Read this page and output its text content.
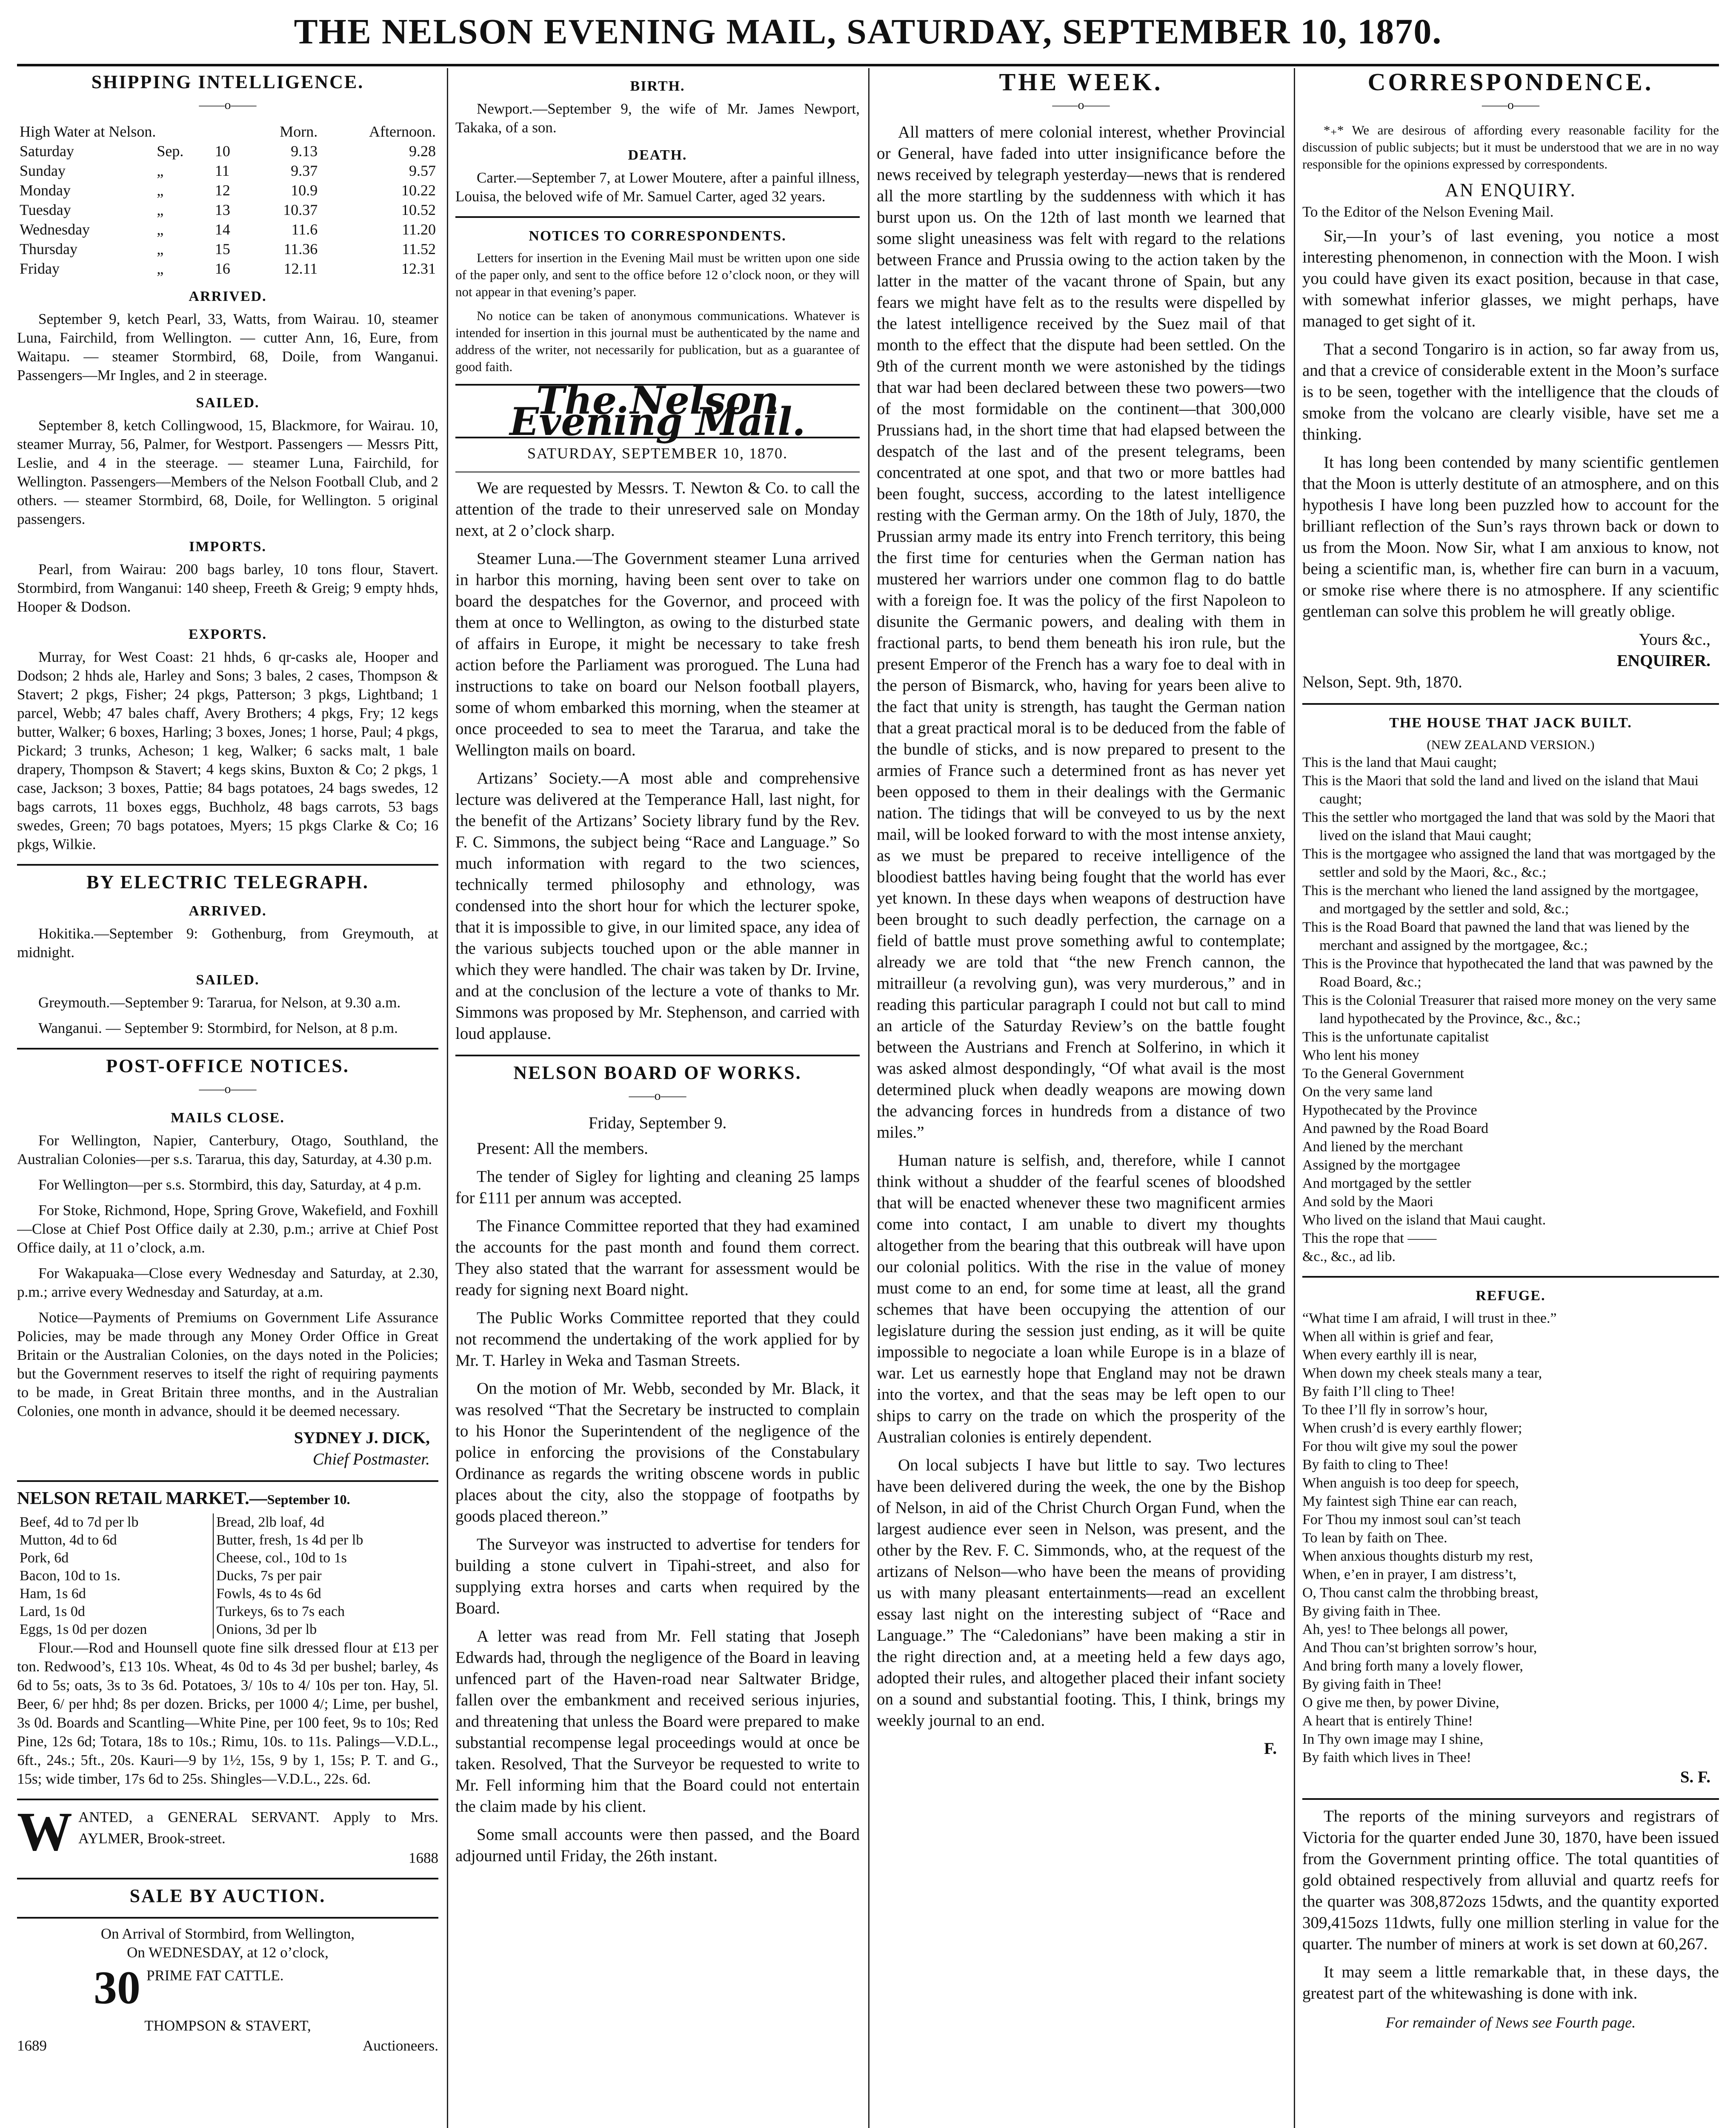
THE NELSON EVENING MAIL, SATURDAY, SEPTEMBER 10, 1870.
SHIPPING INTELLIGENCE.
——o——
High Water at Nelson.			Morn.	Afternoon.
Saturday	Sep.	10	9.13	9.28
Sunday	„	11	9.37	9.57
Monday	„	12	10.9	10.22
Tuesday	„	13	10.37	10.52
Wednesday	„	14	11.6	11.20
Thursday	„	15	11.36	11.52
Friday	„	16	12.11	12.31
ARRIVED.

September 9, ketch Pearl, 33, Watts, from Wairau. 10, steamer Luna, Fairchild, from Wellington. — cutter Ann, 16, Eure, from Waitapu. — steamer Stormbird, 68, Doile, from Wanganui. Passengers—Mr Ingles, and 2 in steerage.

SAILED.

September 8, ketch Collingwood, 15, Blackmore, for Wairau. 10, steamer Murray, 56, Palmer, for Westport. Passengers — Messrs Pitt, Leslie, and 4 in the steerage. — steamer Luna, Fairchild, for Wellington. Passengers—Members of the Nelson Football Club, and 2 others. — steamer Stormbird, 68, Doile, for Wellington. 5 original passengers.

IMPORTS.

Pearl, from Wairau: 200 bags barley, 10 tons flour, Stavert. Stormbird, from Wanganui: 140 sheep, Freeth & Greig; 9 empty hhds, Hooper & Dodson.

EXPORTS.

Murray, for West Coast: 21 hhds, 6 qr-casks ale, Hooper and Dodson; 2 hhds ale, Harley and Sons; 3 bales, 2 cases, Thompson & Stavert; 2 pkgs, Fisher; 24 pkgs, Patterson; 3 pkgs, Lightband; 1 parcel, Webb; 47 bales chaff, Avery Brothers; 4 pkgs, Fry; 12 kegs butter, Walker; 6 boxes, Harling; 3 boxes, Jones; 1 horse, Paul; 4 pkgs, Pickard; 3 trunks, Acheson; 1 keg, Walker; 6 sacks malt, 1 bale drapery, Thompson & Stavert; 4 kegs skins, Buxton & Co; 2 pkgs, 1 case, Jackson; 3 boxes, Pattie; 84 bags potatoes, 24 bags swedes, 12 bags carrots, 11 boxes eggs, Buchholz, 48 bags carrots, 53 bags swedes, Green; 70 bags potatoes, Myers; 15 pkgs Clarke & Co; 16 pkgs, Wilkie.

BY ELECTRIC TELEGRAPH.
ARRIVED.

Hokitika.—September 9: Gothenburg, from Greymouth, at midnight.

SAILED.

Greymouth.—September 9: Tararua, for Nelson, at 9.30 a.m.

Wanganui. — September 9: Stormbird, for Nelson, at 8 p.m.

POST-OFFICE NOTICES.
——o——
MAILS CLOSE.

For Wellington, Napier, Canterbury, Otago, Southland, the Australian Colonies—per s.s. Tararua, this day, Saturday, at 4.30 p.m.

For Wellington—per s.s. Stormbird, this day, Saturday, at 4 p.m.

For Stoke, Richmond, Hope, Spring Grove, Wakefield, and Foxhill—Close at Chief Post Office daily at 2.30, p.m.; arrive at Chief Post Office daily, at 11 o’clock, a.m.

For Wakapuaka—Close every Wednesday and Saturday, at 2.30, p.m.; arrive every Wednesday and Saturday, at a.m.

Notice—Payments of Premiums on Government Life Assurance Policies, may be made through any Money Order Office in Great Britain or the Australian Colonies, on the days noted in the Policies; but the Government reserves to itself the right of requiring payments to be made, in Great Britain three months, and in the Australian Colonies, one month in advance, should it be deemed necessary.

SYDNEY J. DICK,
Chief Postmaster.
NELSON RETAIL MARKET.—September 10.
Beef, 4d to 7d per lb	Bread, 2lb loaf, 4d
Mutton, 4d to 6d	Butter, fresh, 1s 4d per lb
Pork, 6d	Cheese, col., 10d to 1s
Bacon, 10d to 1s.	Ducks, 7s per pair
Ham, 1s 6d	Fowls, 4s to 4s 6d
Lard, 1s 0d	Turkeys, 6s to 7s each
Eggs, 1s 0d per dozen	Onions, 3d per lb

Flour.—Rod and Hounsell quote fine silk dressed flour at £13 per ton. Redwood’s, £13 10s. Wheat, 4s 0d to 4s 3d per bushel; barley, 4s 6d to 5s; oats, 3s to 3s 6d. Potatoes, 3/ 10s to 4/ 10s per ton. Hay, 5l. Beer, 6/ per hhd; 8s per dozen. Bricks, per 1000 4/; Lime, per bushel, 3s 0d. Boards and Scantling—White Pine, per 100 feet, 9s to 10s; Red Pine, 12s 6d; Totara, 18s to 10s.; Rimu, 10s. to 11s. Palings—V.D.L., 6ft., 24s.; 5ft., 20s. Kauri—9 by 1½, 15s, 9 by 1, 15s; P. T. and G., 15s; wide timber, 17s 6d to 25s. Shingles—V.D.L., 22s. 6d.

W ANTED, a GENERAL SERVANT. Apply to Mrs. AYLMER, Brook-street.
1688
SALE BY AUCTION.
On Arrival of Stormbird, from Wellington,
On WEDNESDAY, at 12 o’clock,
30 PRIME FAT CATTLE.
THOMPSON & STAVERT,
1689	Auctioneers.
BIRTH.

Newport.—September 9, the wife of Mr. James Newport, Takaka, of a son.

DEATH.

Carter.—September 7, at Lower Moutere, after a painful illness, Louisa, the beloved wife of Mr. Samuel Carter, aged 32 years.

NOTICES TO CORRESPONDENTS.

Letters for insertion in the Evening Mail must be written upon one side of the paper only, and sent to the office before 12 o’clock noon, or they will not appear in that evening’s paper.

No notice can be taken of anonymous communications. Whatever is intended for insertion in this journal must be authenticated by the name and address of the writer, not necessarily for publication, but as a guarantee of good faith.

The Nelson Evening Mail.
SATURDAY, SEPTEMBER 10, 1870.

We are requested by Messrs. T. Newton & Co. to call the attention of the trade to their unreserved sale on Monday next, at 2 o’clock sharp.

Steamer Luna.—The Government steamer Luna arrived in harbor this morning, having been sent over to take on board the despatches for the Governor, and proceed with them at once to Wellington, as owing to the disturbed state of affairs in Europe, it might be necessary to take fresh action before the Parliament was prorogued. The Luna had instructions to take on board our Nelson football players, some of whom embarked this morning, when the steamer at once proceeded to sea to meet the Tararua, and take the Wellington mails on board.

Artizans’ Society.—A most able and comprehensive lecture was delivered at the Temperance Hall, last night, for the benefit of the Artizans’ Society library fund by the Rev. F. C. Simmons, the subject being “Race and Language.” So much information with regard to the two sciences, technically termed philosophy and ethnology, was condensed into the short hour for which the lecturer spoke, that it is impossible to give, in our limited space, any idea of the various subjects touched upon or the able manner in which they were handled. The chair was taken by Dr. Irvine, and at the conclusion of the lecture a vote of thanks to Mr. Simmons was proposed by Mr. Stephenson, and carried with loud applause.

NELSON BOARD OF WORKS.
——o——
Friday, September 9.

Present: All the members.

The tender of Sigley for lighting and cleaning 25 lamps for £111 per annum was accepted.

The Finance Committee reported that they had examined the accounts for the past month and found them correct. They also stated that the warrant for assessment would be ready for signing next Board night.

The Public Works Committee reported that they could not recommend the undertaking of the work applied for by Mr. T. Harley in Weka and Tasman Streets.

On the motion of Mr. Webb, seconded by Mr. Black, it was resolved “That the Secretary be instructed to complain to his Honor the Superintendent of the negligence of the police in enforcing the provisions of the Constabulary Ordinance as regards the writing obscene words in public places about the city, also the stoppage of footpaths by goods placed thereon.”

The Surveyor was instructed to advertise for tenders for building a stone culvert in Tipahi-street, and also for supplying extra horses and carts when required by the Board.

A letter was read from Mr. Fell stating that Joseph Edwards had, through the negligence of the Board in leaving unfenced part of the Haven-road near Saltwater Bridge, fallen over the embankment and received serious injuries, and threatening that unless the Board were prepared to make substantial recompense legal proceedings would at once be taken. Resolved, That the Surveyor be requested to write to Mr. Fell informing him that the Board could not entertain the claim made by his client.

Some small accounts were then passed, and the Board adjourned until Friday, the 26th instant.

THE WEEK.
——o——

All matters of mere colonial interest, whether Provincial or General, have faded into utter insignificance before the news received by telegraph yesterday—news that is rendered all the more startling by the suddenness with which it has burst upon us. On the 12th of last month we learned that some slight uneasiness was felt with regard to the relations between France and Prussia owing to the action taken by the latter in the matter of the vacant throne of Spain, but any fears we might have felt as to the results were dispelled by the latest intelligence received by the Suez mail of that month to the effect that the dispute had been settled. On the 9th of the current month we were astonished by the tidings that war had been declared between these two powers—two of the most formidable on the continent—that 300,000 Prussians had, in the short time that had elapsed between the despatch of the last and of the present telegrams, been concentrated at one spot, and that two or more battles had been fought, success, according to the latest intelligence resting with the German army. On the 18th of July, 1870, the Prussian army made its entry into French territory, this being the first time for centuries when the German nation has mustered her warriors under one common flag to do battle with a foreign foe. It was the policy of the first Napoleon to disunite the Germanic powers, and dealing with them in fractional parts, to bend them beneath his iron rule, but the present Emperor of the French has a wary foe to deal with in the person of Bismarck, who, having for years been alive to the fact that unity is strength, has taught the German nation that a great practical moral is to be deduced from the fable of the bundle of sticks, and is now prepared to present to the armies of France such a determined front as has never yet been opposed to them in their dealings with the Germanic nation. The tidings that will be conveyed to us by the next mail, will be looked forward to with the most intense anxiety, as we must be prepared to receive intelligence of the bloodiest battles having being fought that the world has ever yet known. In these days when weapons of destruction have been brought to such deadly perfection, the carnage on a field of battle must prove something awful to contemplate; already we are told that “the new French cannon, the mitrailleur (a revolving gun), was very murderous,” and in reading this particular paragraph I could not but call to mind an article of the Saturday Review’s on the battle fought between the Austrians and French at Solferino, in which it was asked almost despondingly, “Of what avail is the most determined pluck when deadly weapons are mowing down the advancing forces in hundreds from a distance of two miles.”

Human nature is selfish, and, therefore, while I cannot think without a shudder of the fearful scenes of bloodshed that will be enacted whenever these two magnificent armies come into contact, I am unable to divert my thoughts altogether from the bearing that this outbreak will have upon our colonial politics. With the rise in the value of money must come to an end, for some time at least, all the grand schemes that have been occupying the attention of our legislature during the session just ending, as it will be quite impossible to negociate a loan while Europe is in a blaze of war. Let us earnestly hope that England may not be drawn into the vortex, and that the seas may be left open to our ships to carry on the trade on which the prosperity of the Australian colonies is entirely dependent.

On local subjects I have but little to say. Two lectures have been delivered during the week, the one by the Bishop of Nelson, in aid of the Christ Church Organ Fund, when the largest audience ever seen in Nelson, was present, and the other by the Rev. F. C. Simmonds, who, at the request of the artizans of Nelson—who have been the means of providing us with many pleasant entertainments—read an excellent essay last night on the interesting subject of “Race and Language.” The “Caledonians” have been making a stir in the right direction and, at a meeting held a few days ago, adopted their rules, and altogether placed their infant society on a sound and substantial footing. This, I think, brings my weekly journal to an end.

F.
CORRESPONDENCE.
——o——

*₊* We are desirous of affording every reasonable facility for the discussion of public subjects; but it must be understood that we are in no way responsible for the opinions expressed by correspondents.

AN ENQUIRY.
To the Editor of the Nelson Evening Mail.

Sir,—In your’s of last evening, you notice a most interesting phenomenon, in connection with the Moon. I wish you could have given its exact position, because in that case, with somewhat inferior glasses, we might perhaps, have managed to get sight of it.

That a second Tongariro is in action, so far away from us, and that a crevice of considerable extent in the Moon’s surface is to be seen, together with the intelligence that the clouds of smoke from the volcano are clearly visible, have set me a thinking.

It has long been contended by many scientific gentlemen that the Moon is utterly destitute of an atmosphere, and on this hypothesis I have long been puzzled how to account for the brilliant reflection of the Sun’s rays thrown back or down to us from the Moon. Now Sir, what I am anxious to know, not being a scientific man, is, whether fire can burn in a vacuum, or smoke rise where there is no atmosphere. If any scientific gentleman can solve this problem he will greatly oblige.

Yours &c.,
ENQUIRER.
Nelson, Sept. 9th, 1870.
THE HOUSE THAT JACK BUILT.
(NEW ZEALAND VERSION.)
This is the land that Maui caught;
This is the Maori that sold the land and lived on the island that Maui caught;
This the settler who mortgaged the land that was sold by the Maori that lived on the island that Maui caught;
This is the mortgagee who assigned the land that was mortgaged by the settler and sold by the Maori, &c., &c.;
This is the merchant who liened the land assigned by the mortgagee, and mortgaged by the settler and sold, &c.;
This is the Road Board that pawned the land that was liened by the merchant and assigned by the mortgagee, &c.;
This is the Province that hypothecated the land that was pawned by the Road Board, &c.;
This is the Colonial Treasurer that raised more money on the very same land hypothecated by the Province, &c., &c.;
This is the unfortunate capitalist
Who lent his money
To the General Government
On the very same land
Hypothecated by the Province
And pawned by the Road Board
And liened by the merchant
Assigned by the mortgagee
And mortgaged by the settler
And sold by the Maori
Who lived on the island that Maui caught.
This the rope that ——
&c., &c., ad lib.
REFUGE.
“What time I am afraid, I will trust in thee.”
When all within is grief and fear,
When every earthly ill is near,
When down my cheek steals many a tear,
By faith I’ll cling to Thee!
To thee I’ll fly in sorrow’s hour,
When crush’d is every earthly flower;
For thou wilt give my soul the power
By faith to cling to Thee!
When anguish is too deep for speech,
My faintest sigh Thine ear can reach,
For Thou my inmost soul can’st teach
To lean by faith on Thee.
When anxious thoughts disturb my rest,
When, e’en in prayer, I am distress’t,
O, Thou canst calm the throbbing breast,
By giving faith in Thee.
Ah, yes! to Thee belongs all power,
And Thou can’st brighten sorrow’s hour,
And bring forth many a lovely flower,
By giving faith in Thee!
O give me then, by power Divine,
A heart that is entirely Thine!
In Thy own image may I shine,
By faith which lives in Thee!
S. F.

The reports of the mining surveyors and registrars of Victoria for the quarter ended June 30, 1870, have been issued from the Government printing office. The total quantities of gold obtained respectively from alluvial and quartz reefs for the quarter was 308,872ozs 15dwts, and the quantity exported 309,415ozs 11dwts, fully one million sterling in value for the quarter. The number of miners at work is set down at 60,267.

It may seem a little remarkable that, in these days, the greatest part of the whitewashing is done with ink.

For remainder of News see Fourth page.
